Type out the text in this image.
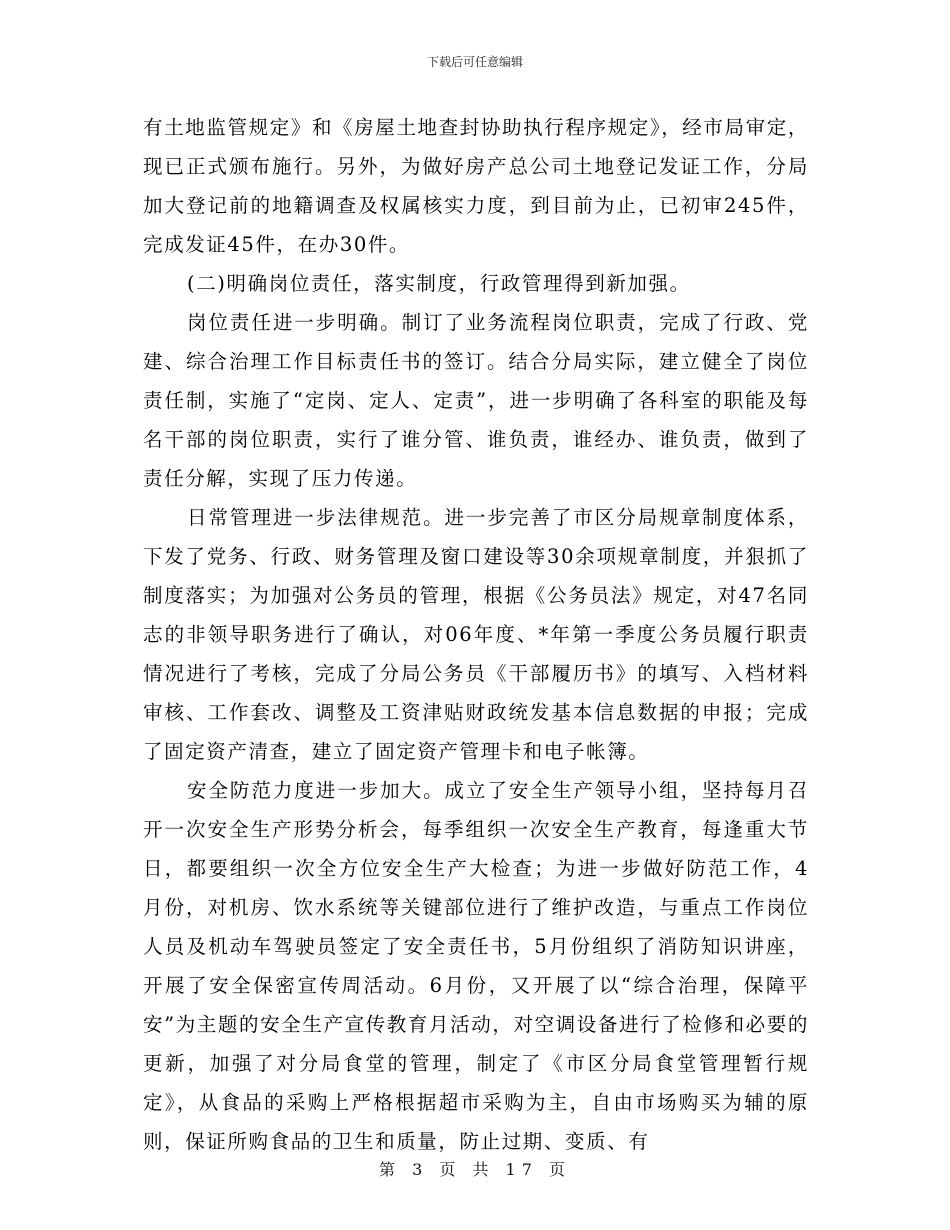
下载后可任意编辑

有土地监管规定》和《房屋土地查封协助执行程序规定》，经市局审定，现已正式颁布施行。另外，为做好房产总公司土地登记发证工作，分局加大登记前的地籍调查及权属核实力度，到目前为止，已初审245件，完成发证45件，在办30件。

(二)明确岗位责任，落实制度，行政管理得到新加强。

岗位责任进一步明确。制订了业务流程岗位职责，完成了行政、党建、综合治理工作目标责任书的签订。结合分局实际，建立健全了岗位责任制，实施了“定岗、定人、定责”，进一步明确了各科室的职能及每名干部的岗位职责，实行了谁分管、谁负责，谁经办、谁负责，做到了责任分解，实现了压力传递。

日常管理进一步法律规范。进一步完善了市区分局规章制度体系，下发了党务、行政、财务管理及窗口建设等30余项规章制度，并狠抓了制度落实；为加强对公务员的管理，根据《公务员法》规定，对47名同志的非领导职务进行了确认，对06年度、*年第一季度公务员履行职责情况进行了考核，完成了分局公务员《干部履历书》的填写、入档材料审核、工作套改、调整及工资津贴财政统发基本信息数据的申报；完成了固定资产清查，建立了固定资产管理卡和电子帐簿。

安全防范力度进一步加大。成立了安全生产领导小组，坚持每月召开一次安全生产形势分析会，每季组织一次安全生产教育，每逢重大节日，都要组织一次全方位安全生产大检查；为进一步做好防范工作，4月份，对机房、饮水系统等关键部位进行了维护改造，与重点工作岗位人员及机动车驾驶员签定了安全责任书，5月份组织了消防知识讲座，开展了安全保密宣传周活动。6月份，又开展了以“综合治理，保障平安”为主题的安全生产宣传教育月活动，对空调设备进行了检修和必要的更新，加强了对分局食堂的管理，制定了《市区分局食堂管理暂行规定》，从食品的采购上严格根据超市采购为主，自由市场购买为辅的原则，保证所购食品的卫生和质量，防止过期、变质、有

第 3 页 共 17 页
